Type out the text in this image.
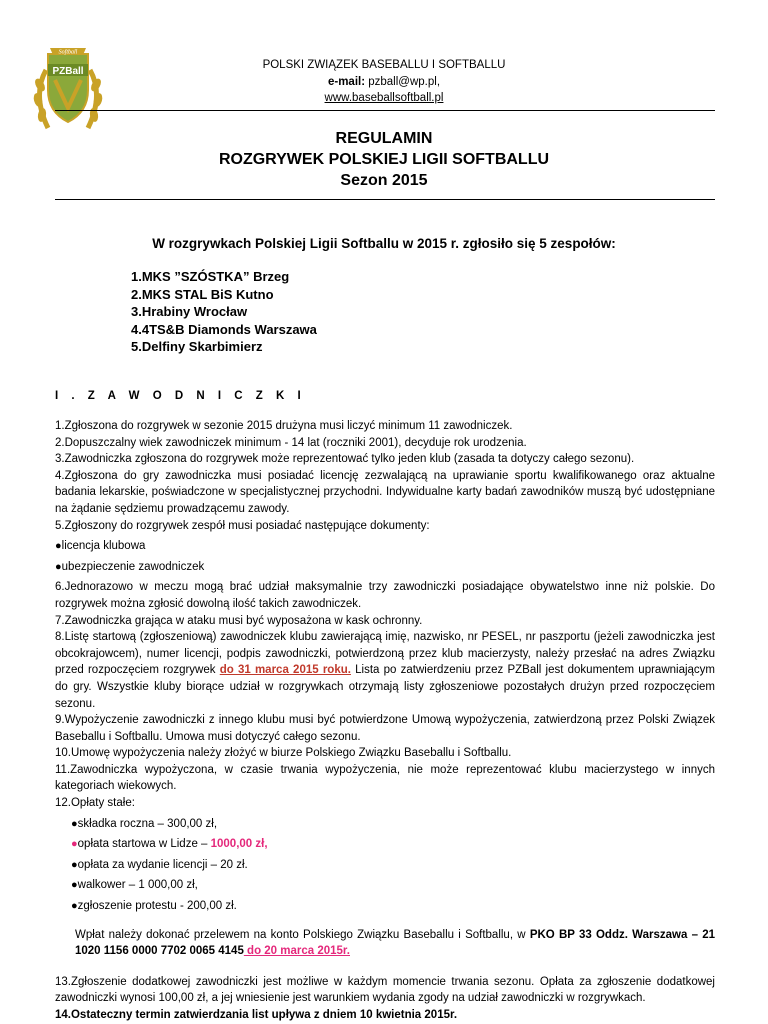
PZBall
Softball
POLSKI ZWIĄZEK BASEBALLU I SOFTBALLU
e-mail: pzball@wp.pl,
www.baseballsoftball.pl
REGULAMIN
ROZGRYWEK POLSKIEJ LIGII SOFTBALLU
Sezon 2015
W rozgrywkach Polskiej Ligii Softballu w 2015 r. zgłosiło się 5 zespołów:
1.MKS ”SZÓSTKA” Brzeg
2.MKS STAL BiS Kutno
3.Hrabiny Wrocław
4.4TS&B Diamonds Warszawa
5.Delfiny Skarbimierz
I . Z A W O D N I C Z K I

1.Zgłoszona do rozgrywek w sezonie 2015 drużyna musi liczyć minimum 11 zawodniczek.

2.Dopuszczalny wiek zawodniczek minimum - 14 lat (roczniki 2001), decyduje rok urodzenia.

3.Zawodniczka zgłoszona do rozgrywek może reprezentować tylko jeden klub (zasada ta dotyczy całego sezonu).

4.Zgłoszona do gry zawodniczka musi posiadać licencję zezwalającą na uprawianie sportu kwalifikowanego oraz aktualne badania lekarskie, poświadczone w specjalistycznej przychodni. Indywidualne karty badań zawodników muszą być udostępniane na żądanie sędziemu prowadzącemu zawody.

5.Zgłoszony do rozgrywek zespół musi posiadać następujące dokumenty:

●licencja klubowa

●ubezpieczenie zawodniczek

6.Jednorazowo w meczu mogą brać udział maksymalnie trzy zawodniczki posiadające obywatelstwo inne niż polskie. Do rozgrywek można zgłosić dowolną ilość takich zawodniczek.

7.Zawodniczka grająca w ataku musi być wyposażona w kask ochronny.

8.Listę startową (zgłoszeniową) zawodniczek klubu zawierającą imię, nazwisko, nr PESEL, nr paszportu (jeżeli zawodniczka jest obcokrajowcem), numer licencji, podpis zawodniczki, potwierdzoną przez klub macierzysty, należy przesłać na adres Związku przed rozpoczęciem rozgrywek do 31 marca 2015 roku. Lista po zatwierdzeniu przez PZBall jest dokumentem uprawniającym do gry. Wszystkie kluby biorące udział w rozgrywkach otrzymają listy zgłoszeniowe pozostałych drużyn przed rozpoczęciem sezonu.

9.Wypożyczenie zawodniczki z innego klubu musi być potwierdzone Umową wypożyczenia, zatwierdzoną przez Polski Związek Baseballu i Softballu. Umowa musi dotyczyć całego sezonu.

10.Umowę wypożyczenia należy złożyć w biurze Polskiego Związku Baseballu i Softballu.

11.Zawodniczka wypożyczona, w czasie trwania wypożyczenia, nie może reprezentować klubu macierzystego w innych kategoriach wiekowych.

12.Opłaty stałe:

●składka roczna – 300,00 zł,

●opłata startowa w Lidze – 1000,00 zł,

●opłata za wydanie licencji – 20 zł.

●walkower – 1 000,00 zł,

●zgłoszenie protestu - 200,00 zł.

Wpłat należy dokonać przelewem na konto Polskiego Związku Baseballu i Softballu, w PKO BP 33 Oddz. Warszawa – 21 1020 1156 0000 7702 0065 4145 do 20 marca 2015r.

13.Zgłoszenie dodatkowej zawodniczki jest możliwe w każdym momencie trwania sezonu. Opłata za zgłoszenie dodatkowej zawodniczki wynosi 100,00 zł, a jej wniesienie jest warunkiem wydania zgody na udział zawodniczki w rozgrywkach.

14.Ostateczny termin zatwierdzania list upływa z dniem 10 kwietnia 2015r.
